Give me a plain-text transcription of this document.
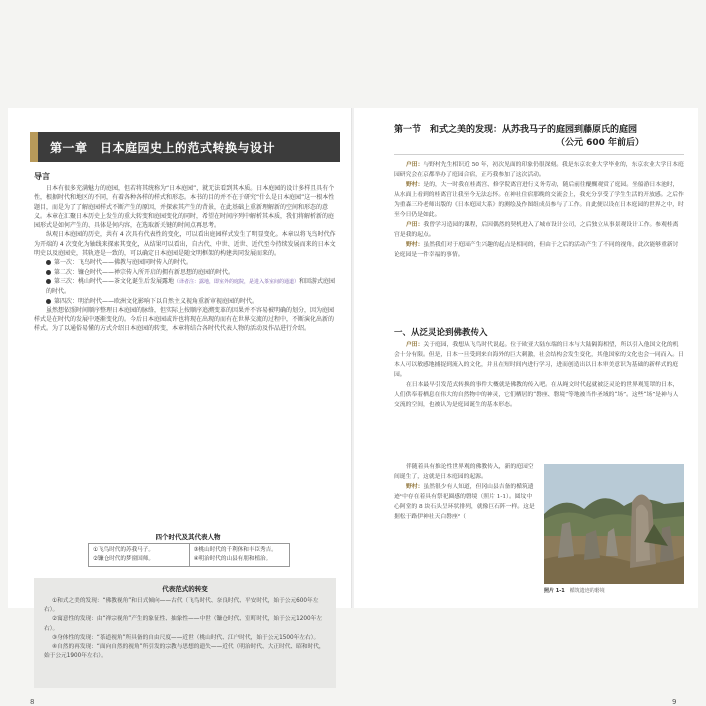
第一章　日本庭园史上的范式转换与设计
导言

日本有很多充满魅力的庭园，但若将其统称为“日本庭园”，就无法看到其本质。日本庭园的设计多样且具有个性，根据时代和地区的不同，有着各种各样的样式和形态。本书的目的并不在于研究“什么是日本庭园”这一根本性题目，而是为了了解庭园样式不断产生的原因，并探索其产生的背景，在此基础上重新理解新的空间和形态的意义。本章在汇聚日本历史上发生的重大转变和庭园变化的同时，希望在时间序列中解析其本质，我们将解析新的庭园形式是如何产生的、具体是何内容，在选取新关键的时间点再思考。

纵观日本庭园的历史，共有 4 次具有代表性的变化，可以看出庭园样式发生了明显变化。本章以将飞鸟时代作为开端的 4 次变化为轴线来探索其变化，从结果可以看出，自古代、中世、近世、近代至今持续发展而来的日本文明史以及庭园史，其轨迹是一致的，可以确定日本庭园是随文明框架的构建共同发展而来的。

第一次：飞鸟时代——佛教与庭园同时传入的时代。
第二次：镰仓时代——禅宗传入所开启的拥有新思想的庭园的时代。
第三次：桃山时代——茶文化诞生后发展露地（译者注：露地，即室外的庭院，是进入茶室间的通道）和回游式庭园的时代。
第四次：明治时代——欧洲文化影响下以自然主义视角重新审视庭园的时代。

虽然想依照时间顺序整理日本庭园的脉络，但实际上按顺序追溯变革的因果并不容易被明确的划分，因为庭园样式是在时代的发展中逐渐变化的。今后日本庭园或许也将现在出现的而有在世界交流的过程中，不断演化出新的样式。为了以通俗易懂的方式介绍日本庭园的转变，本章将结合各时代代表人物的活动及作品进行介绍。

四个时代及其代表人物
①飞鸟时代的苏我马子。
②镰仓时代的梦窗国师。
③桃山时代的千利休和丰臣秀吉。
④明治时代的山县有朋和植治。
代表范式的转变

①和式之美的发现：“佛教视角”和日式倾向——古代（飞鸟时代、奈良时代、平安时代，始于公元600年左右）。

②寓意性的发现：由“禅宗视角”产生的象征性、抽象性——中世（镰仓时代、室町时代，始于公元1200年左右）。

③身体性的发现：“茶道视角”所具备的自由尺度——近世（桃山时代、江户时代，始于公元1500年左右）。

④自然的再发现：“面向自然的视角”所引发的宗教与思想的遗失——近代（明治时代、大正时代、昭和时代，始于公元1900年左右）。

8
第一节　和式之美的发现：从苏我马子的庭园到藤原氏的庭园
（公元 600 年前后）

户田：与野村先生相识近 50 年，初次见面的印象仍很深刻。我是东京农业大学毕业的，东京农业大学日本庭园研究会在京都举办了庭园合宿，正巧我参加了这次活动。

野村：是的，大一时我在桂离宫、修学院离宫进行义务劳动，随后前往醍醐观赏了庭园。坐船游日本池时，从水面上看到的桂离宫让我至今无法忘怀。在神社住宿那晚的交流会上，我充分享受了学生生活的开放感。之后作为重森三玲老师出版的《日本庭园大系》的测绘及作图组成员参与了工作。自此便以设在日本庭园的世界之中，时至今日仍是如此。

户田：我曾学习造园的课程，后因偶然的契机进入了城市设计公司，之后独立从事景观设计工作。参观桂离宫是我的起点。

野村：虽然我们对于庭园产生兴趣的起点是相同的，但由于之后的活动产生了不同的视角，此次能够重新讨论庭园是一件幸福的事情。

一、从泛灵论到佛教传入

户田：关于庭园，我想从飞鸟时代说起。位于欧亚大陆东端的日本与大陆隔海相望，所以引入他国文化的机会十分有限。但是，日本一旦受到来自海外的巨大刺激，社会结构会发生变化，其他国家的文化也会一同而入。日本人可以敏感地捕捉到流入的文化，并且在短时间内进行学习，进而创造出以日本审美意识为基础的新样式的庭园。

在日本最早引发范式转换的事件大概就是佛教的传入吧。在从绳文时代起就被泛灵论的世界观笼罩的日本，人们供奉着栖息在伟大的自然物中的神灵，它们栖居的“磐座、磐境”等地被当作圣域的“场”。这些“场”是神与人交流的空间，也被认为是庭园诞生的基本形态。

伴随着具有推论性世界观的佛教传入，新的庭园空间诞生了，这就是日本庭园的起源。

野村：虽然很少有人知道，但冈山县吉备的楯筑遗迹¹中存在着具有祭祀圈感的磐境（照片 1-1）。圆坟中心阿堂的 8 块石头呈环状排列，就像巨石阵一样。这是据松于路伊神社天白磐座²（

照片 1-1　 楯筑遗迹的磐境
9
